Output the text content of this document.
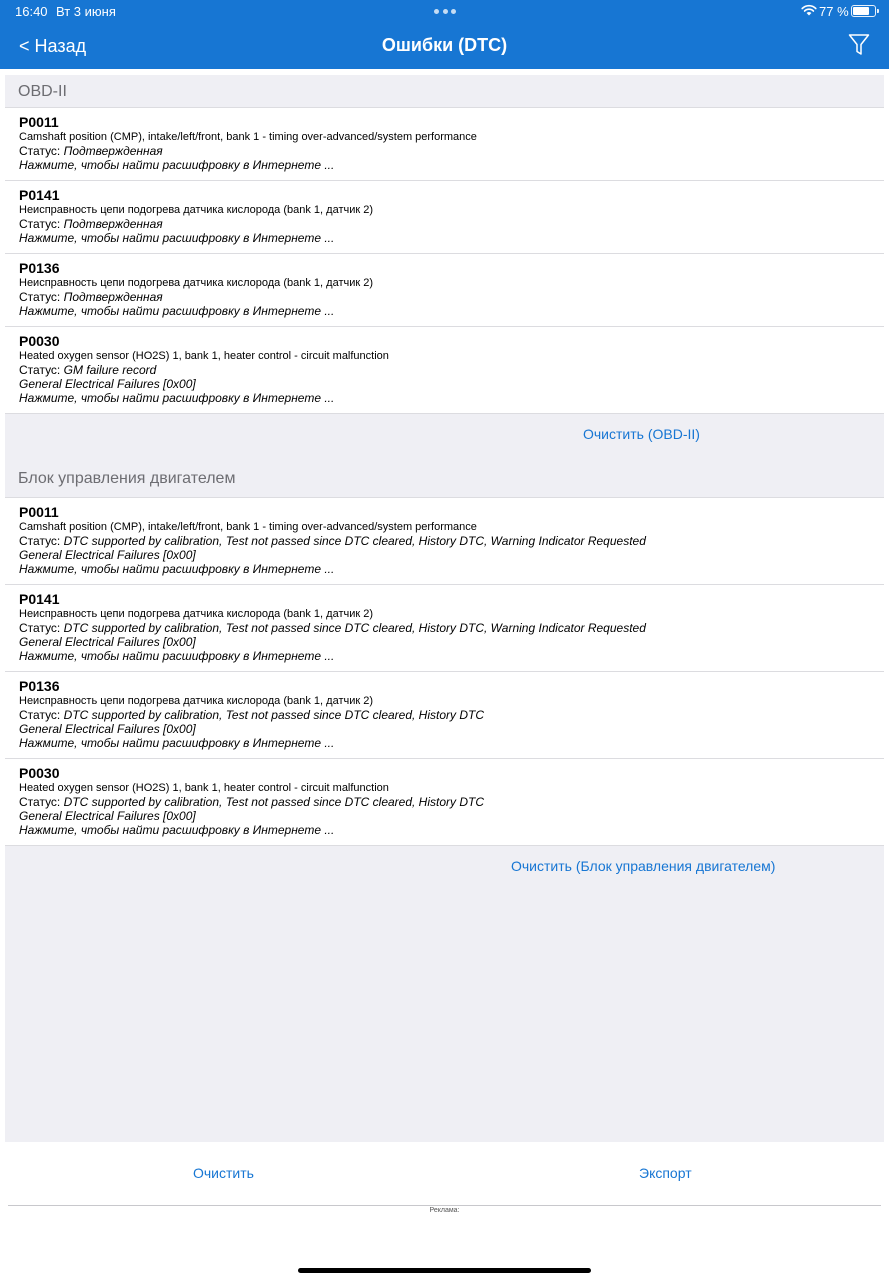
16:40 Вт 3 июня	77 %
< Назад	Ошибки (DTC)
OBD-II
P0011
Camshaft position (CMP), intake/left/front, bank 1 - timing over-advanced/system performance
Статус: Подтвержденная
Нажмите, чтобы найти расшифровку в Интернете ...
P0141
Неисправность цепи подогрева датчика кислорода (bank 1, датчик 2)
Статус: Подтвержденная
Нажмите, чтобы найти расшифровку в Интернете ...
P0136
Неисправность цепи подогрева датчика кислорода (bank 1, датчик 2)
Статус: Подтвержденная
Нажмите, чтобы найти расшифровку в Интернете ...
P0030
Heated oxygen sensor (HO2S) 1, bank 1, heater control - circuit malfunction
Статус: GM failure record
General Electrical Failures [0x00]
Нажмите, чтобы найти расшифровку в Интернете ...
Очистить (OBD-II)
Блок управления двигателем
P0011
Camshaft position (CMP), intake/left/front, bank 1 - timing over-advanced/system performance
Статус: DTC supported by calibration, Test not passed since DTC cleared, History DTC, Warning Indicator Requested
General Electrical Failures [0x00]
Нажмите, чтобы найти расшифровку в Интернете ...
P0141
Неисправность цепи подогрева датчика кислорода (bank 1, датчик 2)
Статус: DTC supported by calibration, Test not passed since DTC cleared, History DTC, Warning Indicator Requested
General Electrical Failures [0x00]
Нажмите, чтобы найти расшифровку в Интернете ...
P0136
Неисправность цепи подогрева датчика кислорода (bank 1, датчик 2)
Статус: DTC supported by calibration, Test not passed since DTC cleared, History DTC
General Electrical Failures [0x00]
Нажмите, чтобы найти расшифровку в Интернете ...
P0030
Heated oxygen sensor (HO2S) 1, bank 1, heater control - circuit malfunction
Статус: DTC supported by calibration, Test not passed since DTC cleared, History DTC
General Electrical Failures [0x00]
Нажмите, чтобы найти расшифровку в Интернете ...
Очистить (Блок управления двигателем)
Очистить	Экспорт
Реклама:
